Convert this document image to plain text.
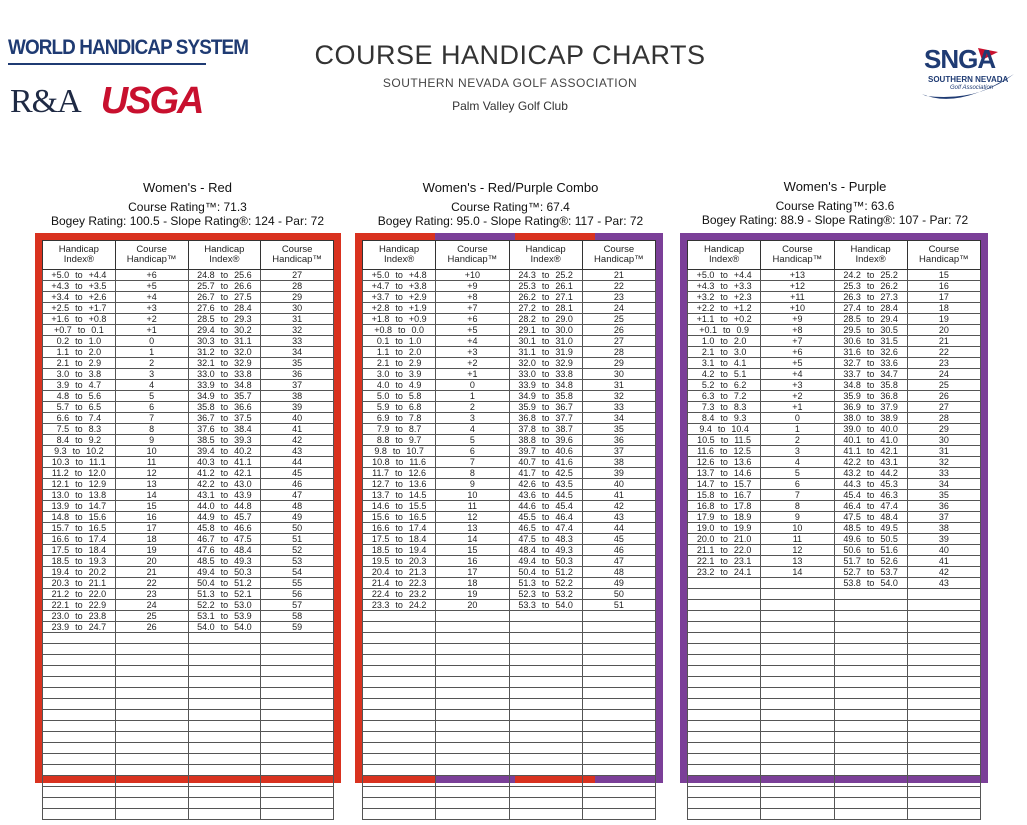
WORLD HANDICAP SYSTEM
R&A USGA
COURSE HANDICAP CHARTS
SOUTHERN NEVADA GOLF ASSOCIATION
Palm Valley Golf Club
SNGA
SOUTHERN NEVADA
Golf Association
Women's - Red
Course Rating™: 71.3
Bogey Rating: 100.5 - Slope Rating®: 124 - Par: 72
Women's - Red/Purple Combo
Course Rating™: 67.4
Bogey Rating: 95.0 - Slope Rating®: 117 - Par: 72
Women's - Purple
Course Rating™: 63.6
Bogey Rating: 88.9 - Slope Rating®: 107 - Par: 72
Handicap Index®	Course Handicap™	Handicap Index®	Course Handicap™
+5.0 to +4.4	+6	24.8 to 25.6	27
+4.3 to +3.5	+5	25.7 to 26.6	28
+3.4 to +2.6	+4	26.7 to 27.5	29
+2.5 to +1.7	+3	27.6 to 28.4	30
+1.6 to +0.8	+2	28.5 to 29.3	31
+0.7 to 0.1	+1	29.4 to 30.2	32
0.2 to 1.0	0	30.3 to 31.1	33
1.1 to 2.0	1	31.2 to 32.0	34
2.1 to 2.9	2	32.1 to 32.9	35
3.0 to 3.8	3	33.0 to 33.8	36
3.9 to 4.7	4	33.9 to 34.8	37
4.8 to 5.6	5	34.9 to 35.7	38
5.7 to 6.5	6	35.8 to 36.6	39
6.6 to 7.4	7	36.7 to 37.5	40
7.5 to 8.3	8	37.6 to 38.4	41
8.4 to 9.2	9	38.5 to 39.3	42
9.3 to 10.2	10	39.4 to 40.2	43
10.3 to 11.1	11	40.3 to 41.1	44
11.2 to 12.0	12	41.2 to 42.1	45
12.1 to 12.9	13	42.2 to 43.0	46
13.0 to 13.8	14	43.1 to 43.9	47
13.9 to 14.7	15	44.0 to 44.8	48
14.8 to 15.6	16	44.9 to 45.7	49
15.7 to 16.5	17	45.8 to 46.6	50
16.6 to 17.4	18	46.7 to 47.5	51
17.5 to 18.4	19	47.6 to 48.4	52
18.5 to 19.3	20	48.5 to 49.3	53
19.4 to 20.2	21	49.4 to 50.3	54
20.3 to 21.1	22	50.4 to 51.2	55
21.2 to 22.0	23	51.3 to 52.1	56
22.1 to 22.9	24	52.2 to 53.0	57
23.0 to 23.8	25	53.1 to 53.9	58
23.9 to 24.7	26	54.0 to 54.0	59

Handicap Index®	Course Handicap™	Handicap Index®	Course Handicap™
+5.0 to +4.8	+10	24.3 to 25.2	21
+4.7 to +3.8	+9	25.3 to 26.1	22
+3.7 to +2.9	+8	26.2 to 27.1	23
+2.8 to +1.9	+7	27.2 to 28.1	24
+1.8 to +0.9	+6	28.2 to 29.0	25
+0.8 to 0.0	+5	29.1 to 30.0	26
0.1 to 1.0	+4	30.1 to 31.0	27
1.1 to 2.0	+3	31.1 to 31.9	28
2.1 to 2.9	+2	32.0 to 32.9	29
3.0 to 3.9	+1	33.0 to 33.8	30
4.0 to 4.9	0	33.9 to 34.8	31
5.0 to 5.8	1	34.9 to 35.8	32
5.9 to 6.8	2	35.9 to 36.7	33
6.9 to 7.8	3	36.8 to 37.7	34
7.9 to 8.7	4	37.8 to 38.7	35
8.8 to 9.7	5	38.8 to 39.6	36
9.8 to 10.7	6	39.7 to 40.6	37
10.8 to 11.6	7	40.7 to 41.6	38
11.7 to 12.6	8	41.7 to 42.5	39
12.7 to 13.6	9	42.6 to 43.5	40
13.7 to 14.5	10	43.6 to 44.5	41
14.6 to 15.5	11	44.6 to 45.4	42
15.6 to 16.5	12	45.5 to 46.4	43
16.6 to 17.4	13	46.5 to 47.4	44
17.5 to 18.4	14	47.5 to 48.3	45
18.5 to 19.4	15	48.4 to 49.3	46
19.5 to 20.3	16	49.4 to 50.3	47
20.4 to 21.3	17	50.4 to 51.2	48
21.4 to 22.3	18	51.3 to 52.2	49
22.4 to 23.2	19	52.3 to 53.2	50
23.3 to 24.2	20	53.3 to 54.0	51

Handicap Index®	Course Handicap™	Handicap Index®	Course Handicap™
+5.0 to +4.4	+13	24.2 to 25.2	15
+4.3 to +3.3	+12	25.3 to 26.2	16
+3.2 to +2.3	+11	26.3 to 27.3	17
+2.2 to +1.2	+10	27.4 to 28.4	18
+1.1 to +0.2	+9	28.5 to 29.4	19
+0.1 to 0.9	+8	29.5 to 30.5	20
1.0 to 2.0	+7	30.6 to 31.5	21
2.1 to 3.0	+6	31.6 to 32.6	22
3.1 to 4.1	+5	32.7 to 33.6	23
4.2 to 5.1	+4	33.7 to 34.7	24
5.2 to 6.2	+3	34.8 to 35.8	25
6.3 to 7.2	+2	35.9 to 36.8	26
7.3 to 8.3	+1	36.9 to 37.9	27
8.4 to 9.3	0	38.0 to 38.9	28
9.4 to 10.4	1	39.0 to 40.0	29
10.5 to 11.5	2	40.1 to 41.0	30
11.6 to 12.5	3	41.1 to 42.1	31
12.6 to 13.6	4	42.2 to 43.1	32
13.7 to 14.6	5	43.2 to 44.2	33
14.7 to 15.7	6	44.3 to 45.3	34
15.8 to 16.7	7	45.4 to 46.3	35
16.8 to 17.8	8	46.4 to 47.4	36
17.9 to 18.9	9	47.5 to 48.4	37
19.0 to 19.9	10	48.5 to 49.5	38
20.0 to 21.0	11	49.6 to 50.5	39
21.1 to 22.0	12	50.6 to 51.6	40
22.1 to 23.1	13	51.7 to 52.6	41
23.2 to 24.1	14	52.7 to 53.7	42
		53.8 to 54.0	43
